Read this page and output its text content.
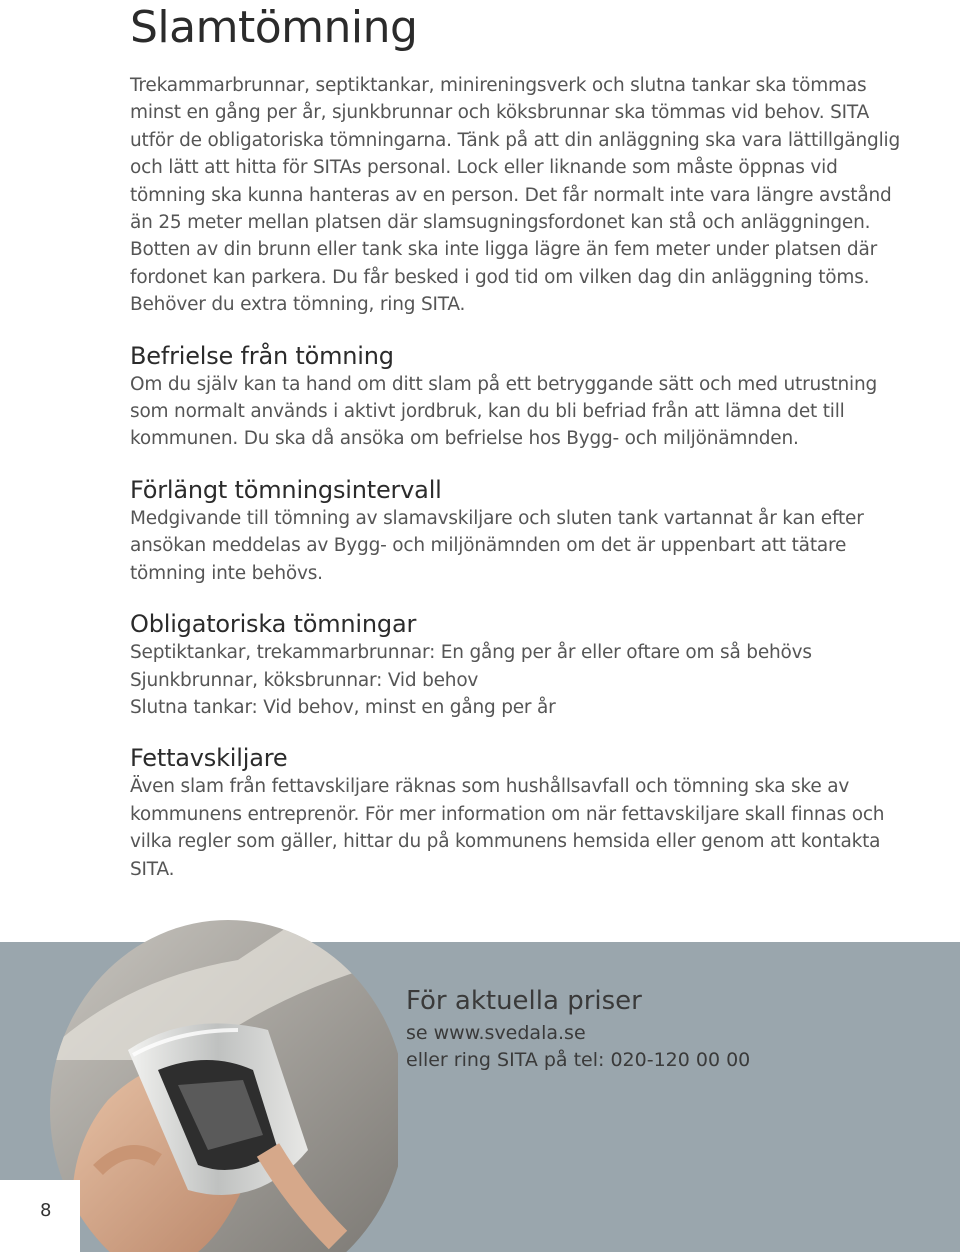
Slamtömning

Trekammarbrunnar, septiktankar, minireningsverk och slutna tankar ska tömmas minst en gång per år, sjunkbrunnar och köksbrunnar ska tömmas vid behov. SITA utför de obligatoriska tömningarna. Tänk på att din anläggning ska vara lättillgänglig och lätt att hitta för SITAs personal. Lock eller liknande som måste öppnas vid tömning ska kunna hanteras av en person. Det får normalt inte vara längre avstånd än 25 meter mellan platsen där slamsugningsfordonet kan stå och anläggningen. Botten av din brunn eller tank ska inte ligga lägre än fem meter under platsen där fordonet kan parkera. Du får besked i god tid om vilken dag din anläggning töms. Behöver du extra tömning, ring SITA.

Befrielse från tömning

Om du själv kan ta hand om ditt slam på ett betryggande sätt och med utrustning som normalt används i aktivt jordbruk, kan du bli befriad från att lämna det till kommunen. Du ska då ansöka om befrielse hos Bygg- och miljönämnden.

Förlängt tömningsintervall

Medgivande till tömning av slamavskiljare och sluten tank vartannat år kan efter ansökan meddelas av Bygg- och miljönämnden om det är uppenbart att tätare tömning inte behövs.

Obligatoriska tömningar

Septiktankar, trekammarbrunnar: En gång per år eller oftare om så behövs
Sjunkbrunnar, köksbrunnar: Vid behov
Slutna tankar: Vid behov, minst en gång per år

Fettavskiljare

Även slam från fettavskiljare räknas som hushållsavfall och tömning ska ske av kommunens entreprenör. För mer information om när fettavskiljare skall finnas och vilka regler som gäller, hittar du på kommunens hemsida eller genom att kontakta SITA.

8
För aktuella priser

se www.svedala.se

eller ring SITA på tel: 020-120 00 00
